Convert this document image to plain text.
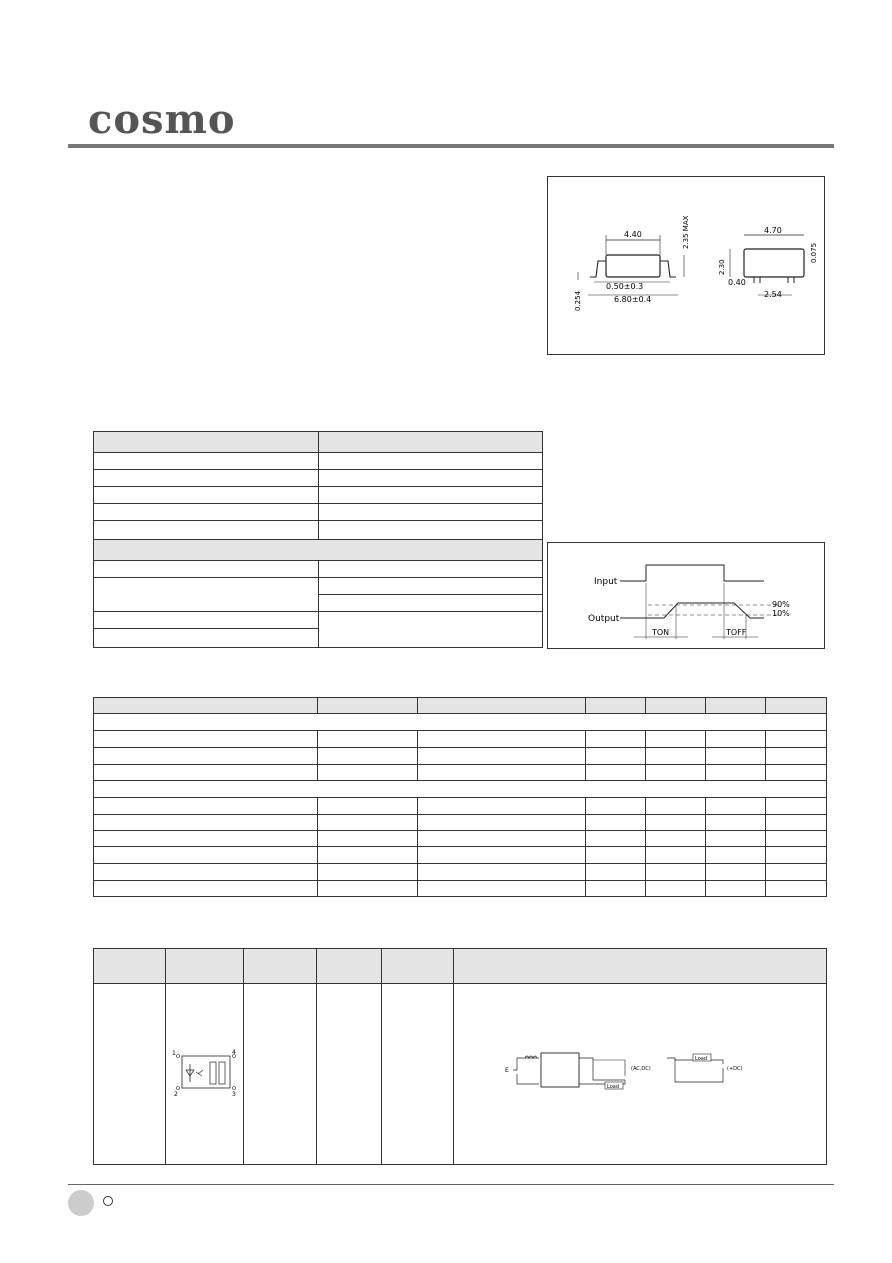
cosmo
4.40	2.35 MAX
0.50±0.3
6.80±0.4
0.254
4.70
2.30
0.075
0.40
2.54

Input
Output
90%
10%
TON	TOFF

1
2 3
4				E
Load
(AC,DC)
Load
(+DC)
